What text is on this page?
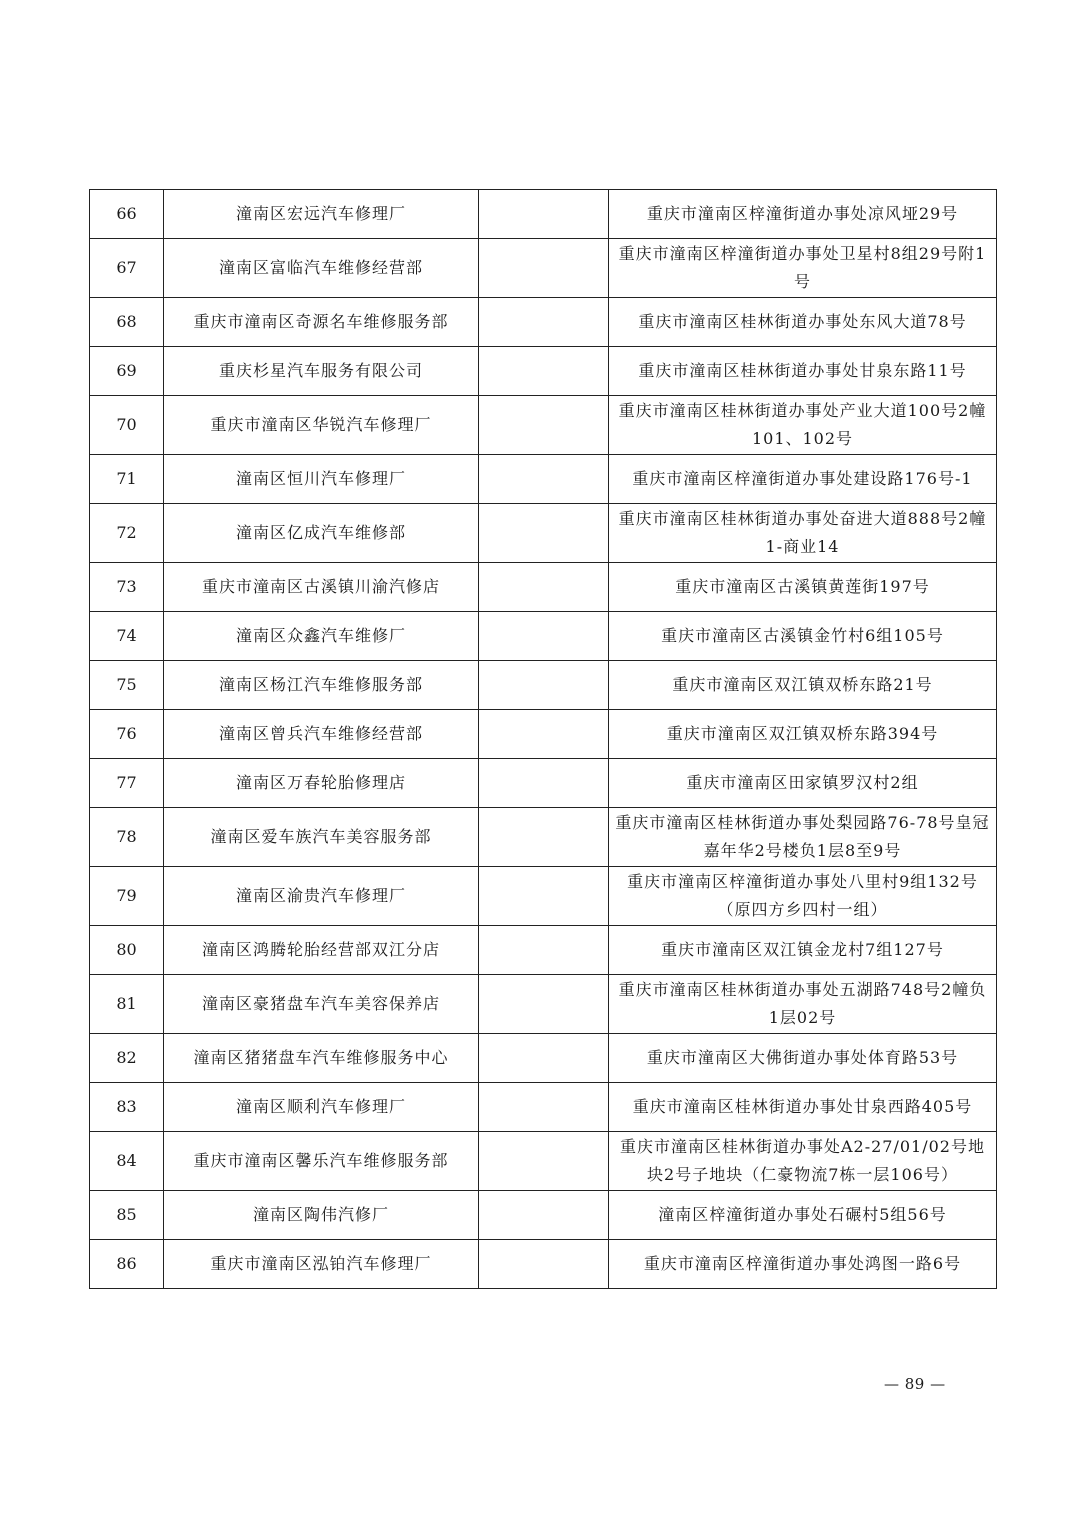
66	潼南区宏远汽车修理厂		重庆市潼南区梓潼街道办事处凉风垭29号
67	潼南区富临汽车维修经营部		重庆市潼南区梓潼街道办事处卫星村8组29号附1号
68	重庆市潼南区奇源名车维修服务部		重庆市潼南区桂林街道办事处东风大道78号
69	重庆杉星汽车服务有限公司		重庆市潼南区桂林街道办事处甘泉东路11号
70	重庆市潼南区华锐汽车修理厂		重庆市潼南区桂林街道办事处产业大道100号2幢101、102号
71	潼南区恒川汽车修理厂		重庆市潼南区梓潼街道办事处建设路176号-1
72	潼南区亿成汽车维修部		重庆市潼南区桂林街道办事处奋进大道888号2幢1-商业14
73	重庆市潼南区古溪镇川渝汽修店		重庆市潼南区古溪镇黄莲街197号
74	潼南区众鑫汽车维修厂		重庆市潼南区古溪镇金竹村6组105号
75	潼南区杨江汽车维修服务部		重庆市潼南区双江镇双桥东路21号
76	潼南区曾兵汽车维修经营部		重庆市潼南区双江镇双桥东路394号
77	潼南区万春轮胎修理店		重庆市潼南区田家镇罗汉村2组
78	潼南区爱车族汽车美容服务部		重庆市潼南区桂林街道办事处梨园路76-78号皇冠嘉年华2号楼负1层8至9号
79	潼南区渝贵汽车修理厂		重庆市潼南区梓潼街道办事处八里村9组132号（原四方乡四村一组）
80	潼南区鸿腾轮胎经营部双江分店		重庆市潼南区双江镇金龙村7组127号
81	潼南区豪猪盘车汽车美容保养店		重庆市潼南区桂林街道办事处五湖路748号2幢负1层02号
82	潼南区猪猪盘车汽车维修服务中心		重庆市潼南区大佛街道办事处体育路53号
83	潼南区顺利汽车修理厂		重庆市潼南区桂林街道办事处甘泉西路405号
84	重庆市潼南区馨乐汽车维修服务部		重庆市潼南区桂林街道办事处A2-27/01/02号地块2号子地块（仁豪物流7栋一层106号）
85	潼南区陶伟汽修厂		潼南区梓潼街道办事处石碾村5组56号
86	重庆市潼南区泓铂汽车修理厂		重庆市潼南区梓潼街道办事处鸿图一路6号
— 89 —
